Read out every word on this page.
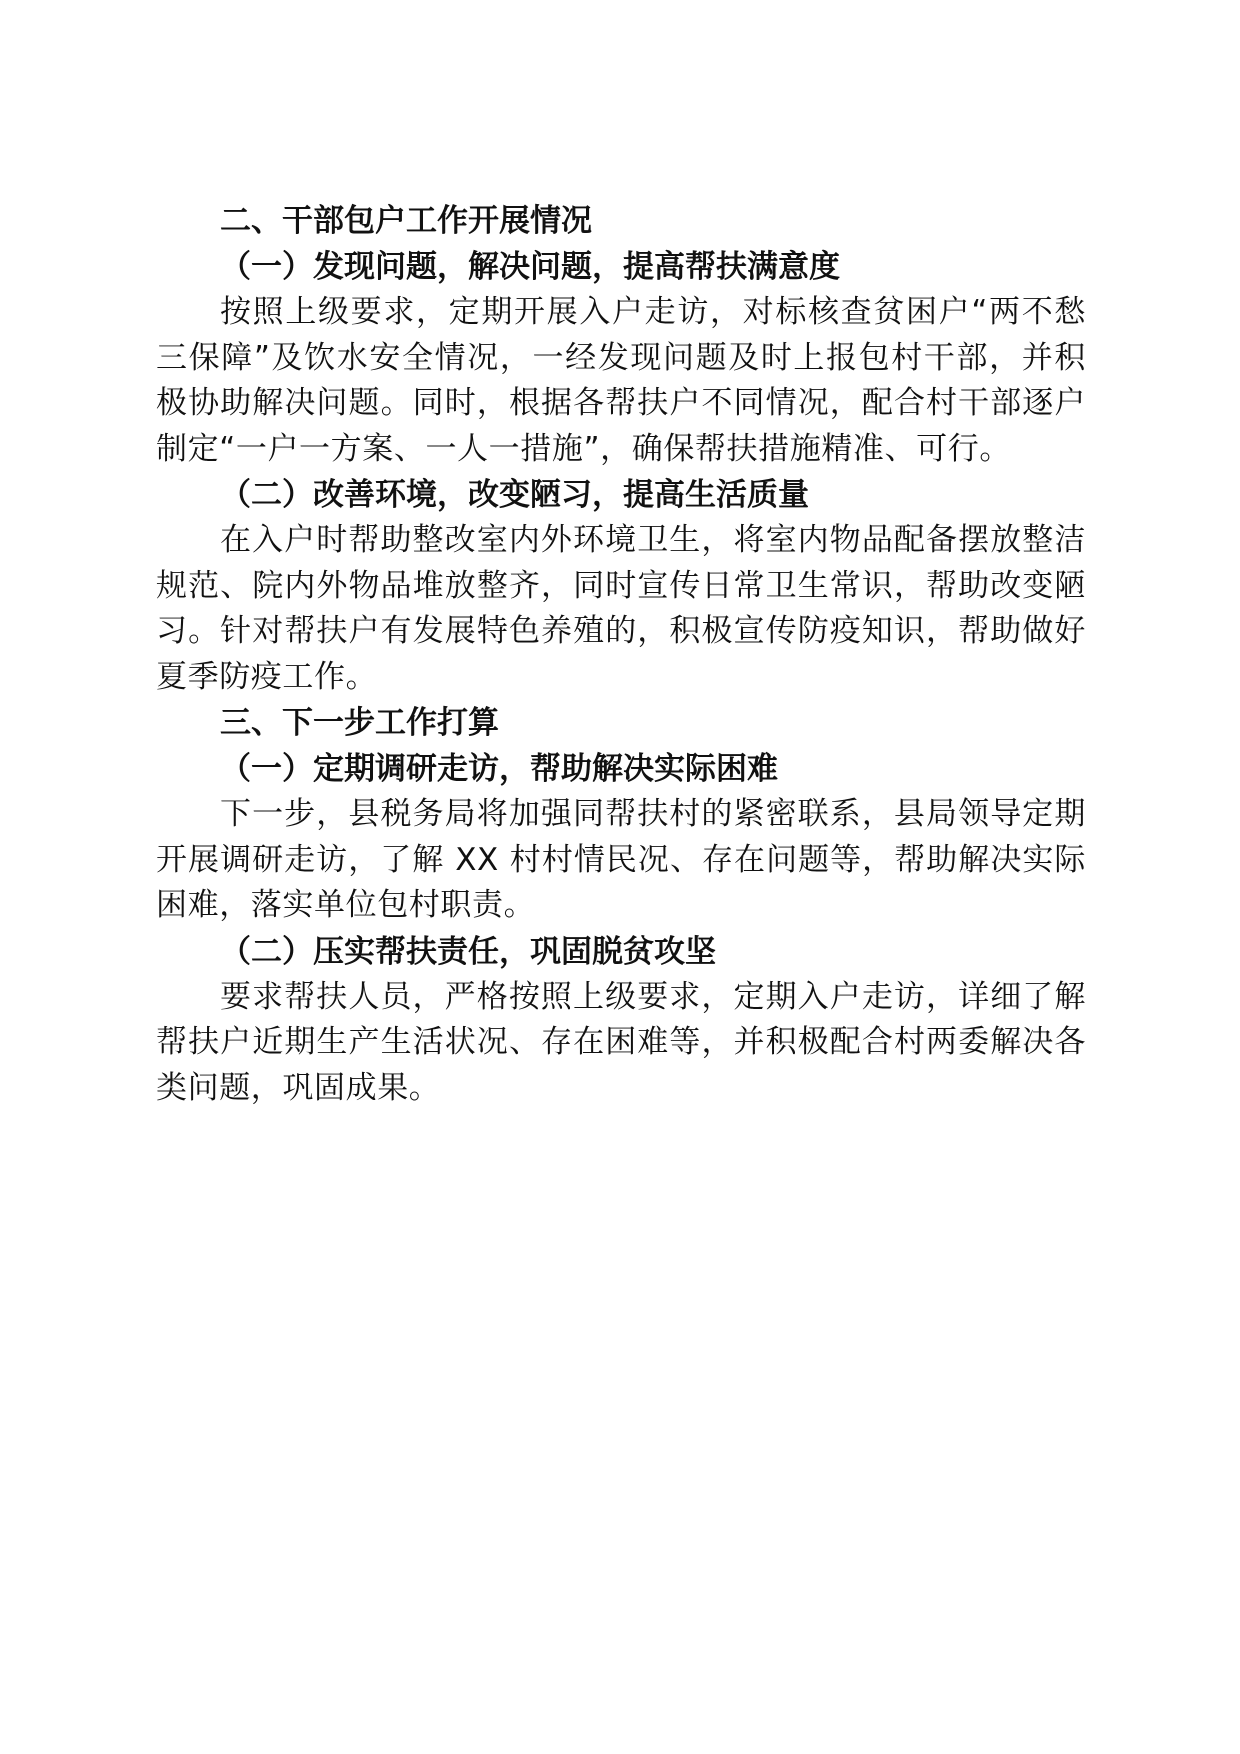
二、干部包户工作开展情况
（一）发现问题，解决问题，提高帮扶满意度
按照上级要求，定期开展入户走访，对标核查贫困户“两不愁三保障”及饮水安全情况，一经发现问题及时上报包村干部，并积极协助解决问题。同时，根据各帮扶户不同情况，配合村干部逐户制定“一户一方案、一人一措施”，确保帮扶措施精准、可行。
（二）改善环境，改变陋习，提高生活质量
在入户时帮助整改室内外环境卫生，将室内物品配备摆放整洁规范、院内外物品堆放整齐，同时宣传日常卫生常识，帮助改变陋习。针对帮扶户有发展特色养殖的，积极宣传防疫知识，帮助做好夏季防疫工作。
三、下一步工作打算
（一）定期调研走访，帮助解决实际困难
下一步，县税务局将加强同帮扶村的紧密联系，县局领导定期开展调研走访，了解 XX 村村情民况、存在问题等，帮助解决实际困难，落实单位包村职责。
（二）压实帮扶责任，巩固脱贫攻坚
要求帮扶人员，严格按照上级要求，定期入户走访，详细了解帮扶户近期生产生活状况、存在困难等，并积极配合村两委解决各类问题，巩固成果。
